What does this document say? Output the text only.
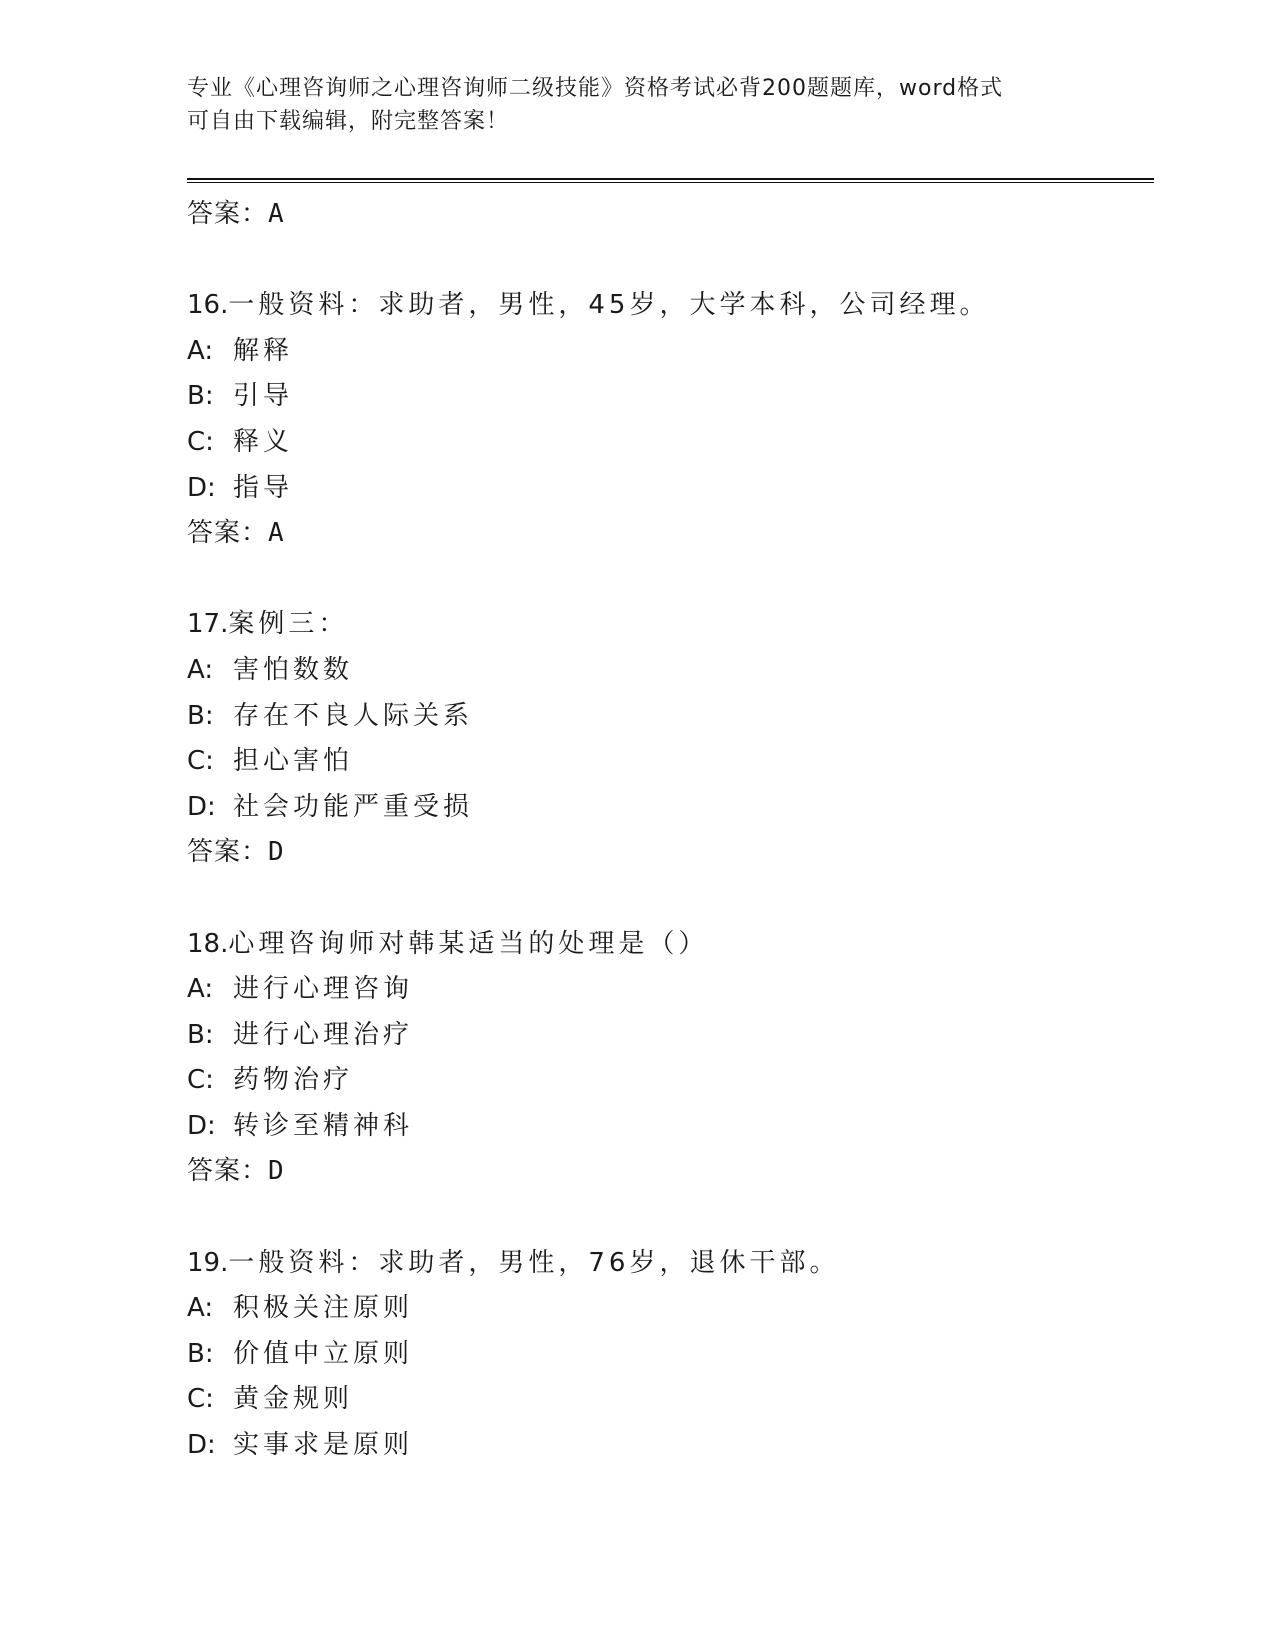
专业《心理咨询师之心理咨询师二级技能》资格考试必背200题题库，word格式
可自由下载编辑，附完整答案！
答案：A
16.一般资料：求助者，男性，45岁，大学本科，公司经理。
A: 解释
B: 引导
C: 释义
D: 指导
答案：A
17.案例三：
A: 害怕数数
B: 存在不良人际关系
C: 担心害怕
D: 社会功能严重受损
答案：D
18.心理咨询师对韩某适当的处理是（）
A: 进行心理咨询
B: 进行心理治疗
C: 药物治疗
D: 转诊至精神科
答案：D
19.一般资料：求助者，男性，76岁，退休干部。
A: 积极关注原则
B: 价值中立原则
C: 黄金规则
D: 实事求是原则
